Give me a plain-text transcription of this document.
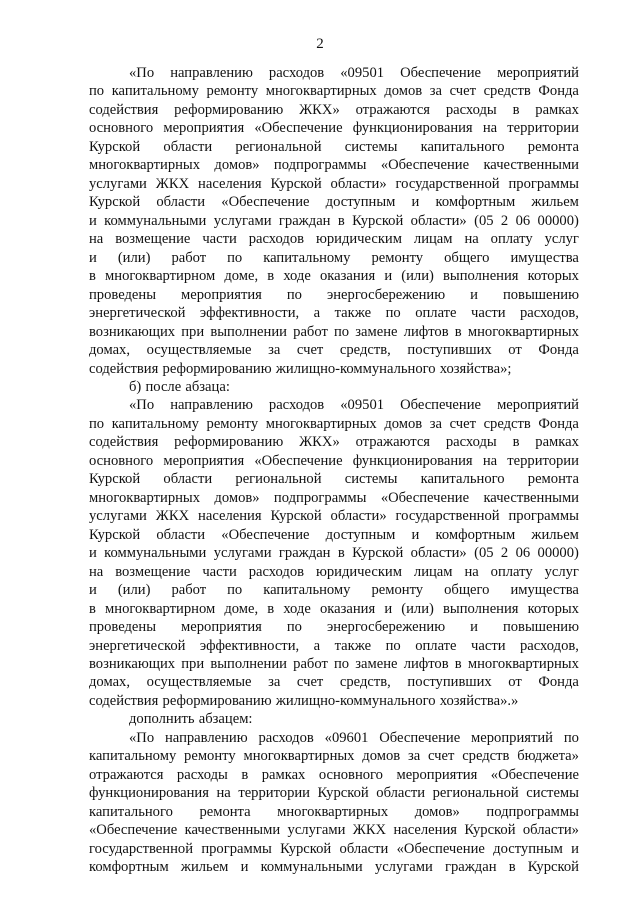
2
«По направлению расходов «09501 Обеспечение мероприятий
по капитальному ремонту многоквартирных домов за счет средств Фонда
содействия реформированию ЖКХ» отражаются расходы в рамках
основного мероприятия «Обеспечение функционирования на территории
Курской области региональной системы капитального ремонта
многоквартирных домов» подпрограммы «Обеспечение качественными
услугами ЖКХ населения Курской области» государственной программы
Курской области «Обеспечение доступным и комфортным жильем
и коммунальными услугами граждан в Курской области» (05 2 06 00000)
на возмещение части расходов юридическим лицам на оплату услуг
и (или) работ по капитальному ремонту общего имущества
в многоквартирном доме, в ходе оказания и (или) выполнения которых
проведены мероприятия по энергосбережению и повышению
энергетической эффективности, а также по оплате части расходов,
возникающих при выполнении работ по замене лифтов в многоквартирных
домах, осуществляемые за счет средств, поступивших от Фонда
содействия реформированию жилищно-коммунального хозяйства»;
б) после абзаца:
«По направлению расходов «09501 Обеспечение мероприятий
по капитальному ремонту многоквартирных домов за счет средств Фонда
содействия реформированию ЖКХ» отражаются расходы в рамках
основного мероприятия «Обеспечение функционирования на территории
Курской области региональной системы капитального ремонта
многоквартирных домов» подпрограммы «Обеспечение качественными
услугами ЖКХ населения Курской области» государственной программы
Курской области «Обеспечение доступным и комфортным жильем
и коммунальными услугами граждан в Курской области» (05 2 06 00000)
на возмещение части расходов юридическим лицам на оплату услуг
и (или) работ по капитальному ремонту общего имущества
в многоквартирном доме, в ходе оказания и (или) выполнения которых
проведены мероприятия по энергосбережению и повышению
энергетической эффективности, а также по оплате части расходов,
возникающих при выполнении работ по замене лифтов в многоквартирных
домах, осуществляемые за счет средств, поступивших от Фонда
содействия реформированию жилищно-коммунального хозяйства».»
дополнить абзацем:
«По направлению расходов «09601 Обеспечение мероприятий по
капитальному ремонту многоквартирных домов за счет средств бюджета»
отражаются расходы в рамках основного мероприятия «Обеспечение
функционирования на территории Курской области региональной системы
капитального ремонта многоквартирных домов» подпрограммы
«Обеспечение качественными услугами ЖКХ населения Курской области»
государственной программы Курской области «Обеспечение доступным и
комфортным жильем и коммунальными услугами граждан в Курской
